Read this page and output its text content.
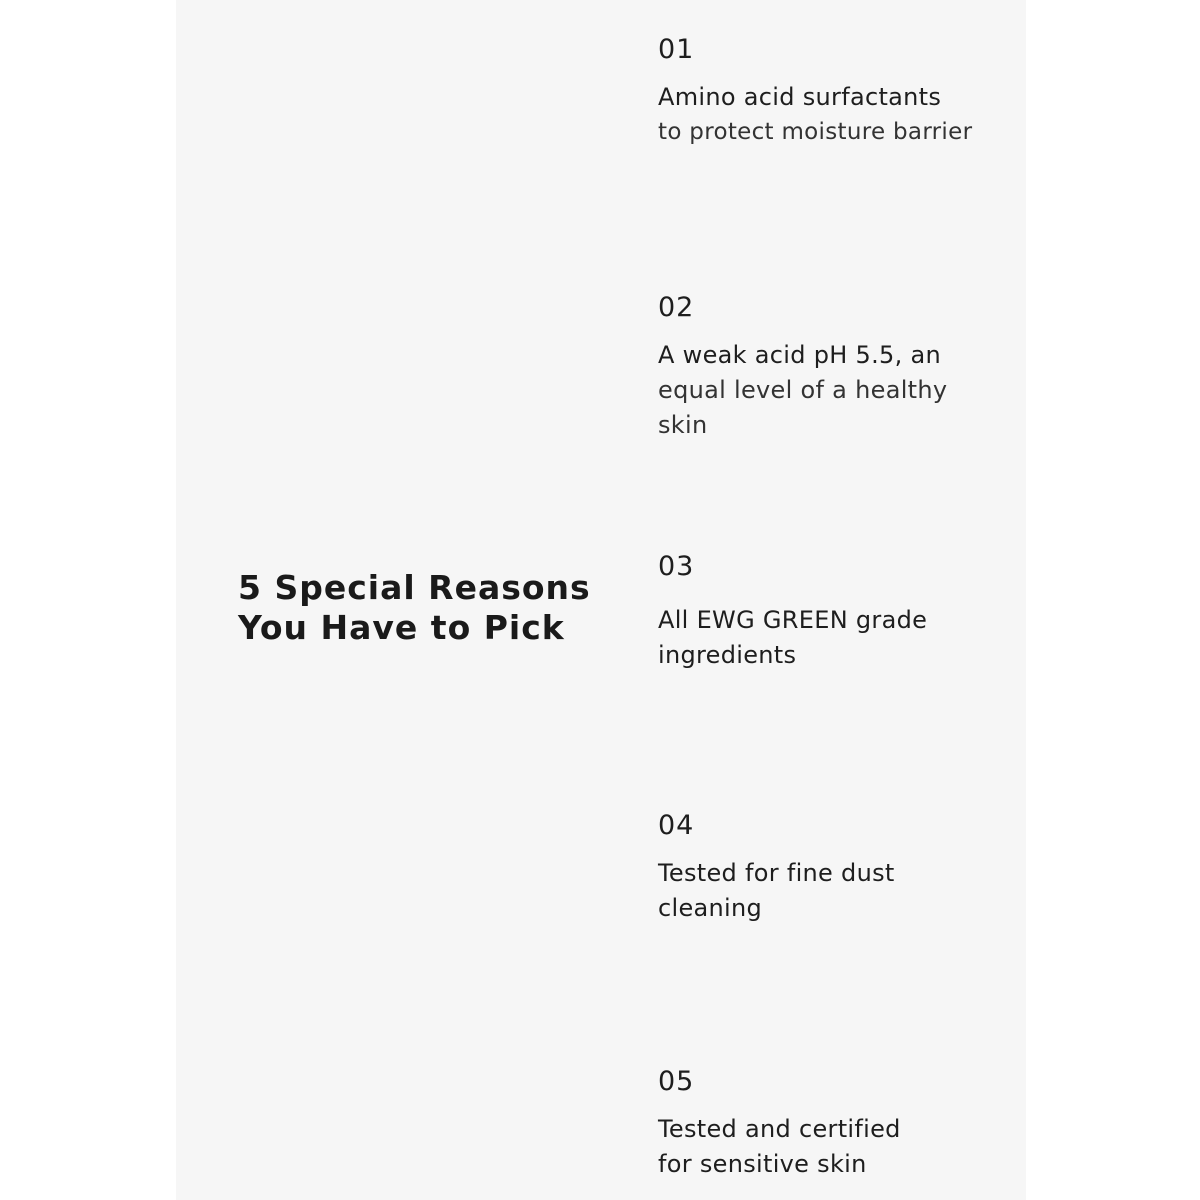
5 Special Reasons
You Have to Pick

01

Amino acid surfactants
to protect moisture barrier

02

A weak acid pH 5.5, an
equal level of a healthy
skin

03

All EWG GREEN grade
ingredients

04

Tested for fine dust
cleaning

05

Tested and certified
for sensitive skin
